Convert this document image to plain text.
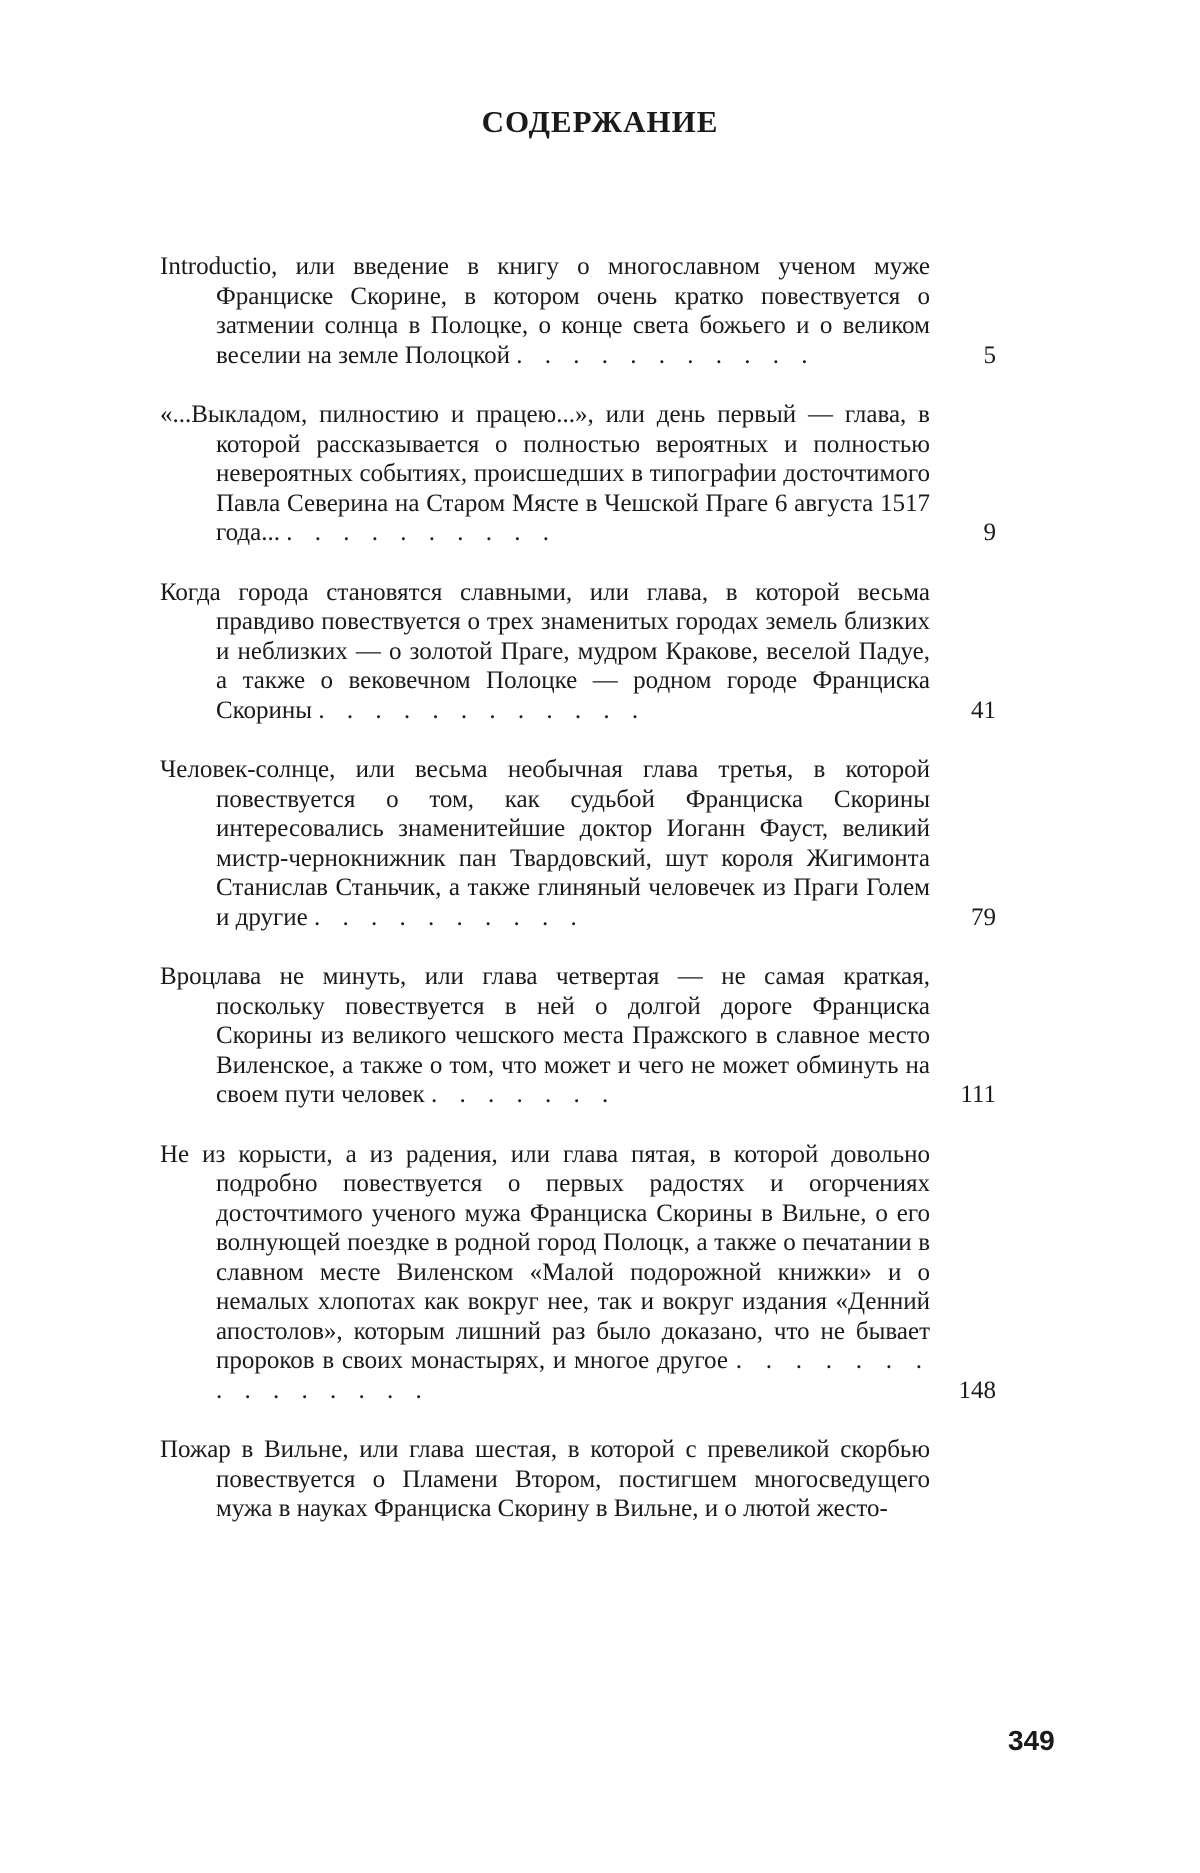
СОДЕРЖАНИЕ
Introductio, или введение в книгу о многославном ученом муже Франциске Скорине, в котором очень кратко повествуется о затмении солнца в Полоцке, о конце света божьего и о великом веселии на земле Полоцкой . . . . . . . . . . .	5
«...Выкладом, пилностию и працею...», или день первый — глава, в которой рассказывается о полностью вероятных и полностью невероятных событиях, происшедших в типографии досточтимого Павла Северина на Старом Мясте в Чешской Праге 6 августа 1517 года... . . . . . . . . . .	9
Когда города становятся славными, или глава, в которой весьма правдиво повествуется о трех знаменитых городах земель близких и неблизких — о золотой Праге, мудром Кракове, веселой Падуе, а также о вековечном Полоцке — родном городе Франциска Скорины . . . . . . . . . . . .	41
Человек-солнце, или весьма необычная глава третья, в которой повествуется о том, как судьбой Франциска Скорины интересовались знаменитейшие доктор Иоганн Фауст, великий мистр-чернокнижник пан Твардовский, шут короля Жигимонта Станислав Станьчик, а также глиняный человечек из Праги Голем и другие . . . . . . . . . .	79
Вроцлава не минуть, или глава четвертая — не самая краткая, поскольку повествуется в ней о долгой дороге Франциска Скорины из великого чешского места Пражского в славное место Виленское, а также о том, что может и чего не может обминуть на своем пути человек . . . . . . .	111
Не из корысти, а из радения, или глава пятая, в которой довольно подробно повествуется о первых радостях и огорчениях досточтимого ученого мужа Франциска Скорины в Вильне, о его волнующей поездке в родной город Полоцк, а также о печатании в славном месте Виленском «Малой подорожной книжки» и о немалых хлопотах как вокруг нее, так и вокруг издания «Денний апостолов», которым лишний раз было доказано, что не бывает пророков в своих монастырях, и многое другое . . . . . . . . . . . . . . .	148
Пожар в Вильне, или глава шестая, в которой с превеликой скорбью повествуется о Пламени Втором, постигшем многосведущего мужа в науках Франциска Скорину в Вильне, и о лютой жесто-
349
